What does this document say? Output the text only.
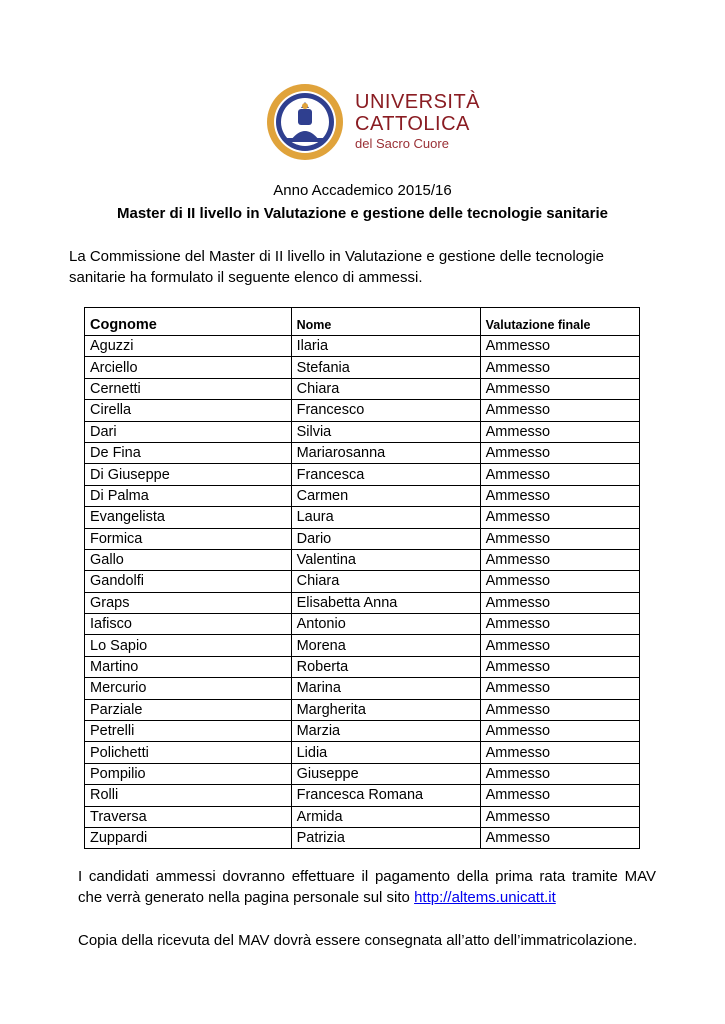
UNIVERSITÀ
CATTOLICA
del Sacro Cuore
Anno Accademico 2015/16
Master di II livello in Valutazione e gestione delle tecnologie sanitarie
La Commissione del Master di II livello in Valutazione e gestione delle tecnologie sanitarie ha formulato il seguente elenco di ammessi.
Cognome	Nome	Valutazione finale
Aguzzi	Ilaria	Ammesso
Arciello	Stefania	Ammesso
Cernetti	Chiara	Ammesso
Cirella	Francesco	Ammesso
Dari	Silvia	Ammesso
De Fina	Mariarosanna	Ammesso
Di Giuseppe	Francesca	Ammesso
Di Palma	Carmen	Ammesso
Evangelista	Laura	Ammesso
Formica	Dario	Ammesso
Gallo	Valentina	Ammesso
Gandolfi	Chiara	Ammesso
Graps	Elisabetta Anna	Ammesso
Iafisco	Antonio	Ammesso
Lo Sapio	Morena	Ammesso
Martino	Roberta	Ammesso
Mercurio	Marina	Ammesso
Parziale	Margherita	Ammesso
Petrelli	Marzia	Ammesso
Polichetti	Lidia	Ammesso
Pompilio	Giuseppe	Ammesso
Rolli	Francesca Romana	Ammesso
Traversa	Armida	Ammesso
Zuppardi	Patrizia	Ammesso
I candidati ammessi dovranno effettuare il pagamento della prima rata tramite MAV che verrà generato nella pagina personale sul sito http://altems.unicatt.it
Copia della ricevuta del MAV dovrà essere consegnata all’atto dell’immatricolazione.
